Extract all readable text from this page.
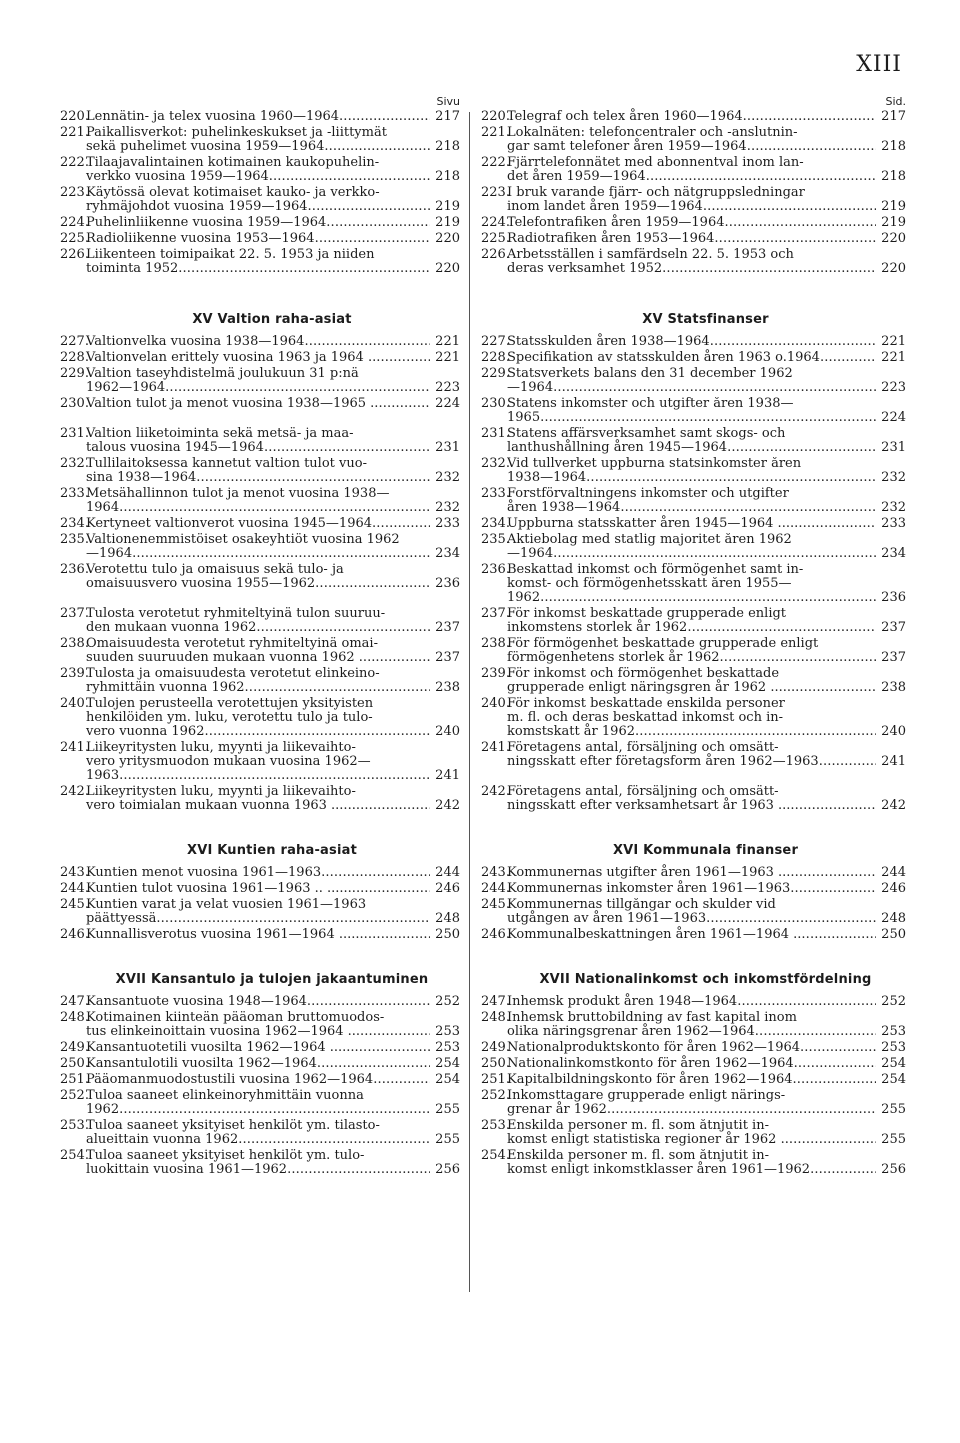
XIII
Sivu
220.
Lennätin- ja telex vuosina 1960—1964 . . .	217
221.
Paikallisverkot: puhelinkeskukset ja -liittymät
sekä puhelimet vuosina 1959—1964 . . .	218
222.
Tilaajavalintainen kotimainen kaukopuhelin-
verkko vuosina 1959—1964 . . .	218
223.
Käytössä olevat kotimaiset kauko- ja verkko-
ryhmäjohdot vuosina 1959—1964 . . .	219
224.
Puhelinliikenne vuosina 1959—1964 . . .	219
225.
Radioliikenne vuosina 1953—1964 . . .	220
226.
Liikenteen toimipaikat 22. 5. 1953 ja niiden
toiminta 1952 . . .	220
XV Valtion raha-asiat
227.
Valtionvelka vuosina 1938—1964 . . .	221
228.
Valtionvelan erittely vuosina 1963 ja 1964 .. . . .	221
229.
Valtion taseyhdistelmä joulukuun 31 p:nä
1962—1964 . . .	223
230.
Valtion tulot ja menot vuosina 1938—1965 .. . . .	224
231.
Valtion liiketoiminta sekä metsä- ja maa-
talous vuosina 1945—1964 . . .	231
232.
Tullilaitoksessa kannetut valtion tulot vuo-
sina 1938—1964 . . .	232
233.
Metsähallinnon tulot ja menot vuosina 1938—
1964 . . .	232
234.
Kertyneet valtionverot vuosina 1945—1964 . . .	233
235.
Valtionenemmistöiset osakeyhtiöt vuosina 1962
—1964 . . .	234
236.
Verotettu tulo ja omaisuus sekä tulo- ja
omaisuusvero vuosina 1955—1962 . . .	236
237.
Tulosta verotetut ryhmiteltyinä tulon suuruu-
den mukaan vuonna 1962 . . .	237
238.
Omaisuudesta verotetut ryhmiteltyinä omai-
suuden suuruuden mukaan vuonna 1962 .... . . .	237
239.
Tulosta ja omaisuudesta verotetut elinkeino-
ryhmittäin vuonna 1962 . . .	238
240.
Tulojen perusteella verotettujen yksityisten
henkilöiden ym. luku, verotettu tulo ja tulo-
vero vuonna 1962 . . .	240
241.
Liikeyritysten luku, myynti ja liikevaihto-
vero yritysmuodon mukaan vuosina 1962—
1963 . . .	241
242.
Liikeyritysten luku, myynti ja liikevaihto-
vero toimialan mukaan vuonna 1963 ...... . . .	242
XVI Kuntien raha-asiat
243.
Kuntien menot vuosina 1961—1963 . . .	244
244.
Kuntien tulot vuosina 1961—1963 .. ........ . . .	246
245.
Kuntien varat ja velat vuosien 1961—1963
päättyessä . . .	248
246.
Kunnallisverotus vuosina 1961—1964 ...... . . .	250
XVII Kansantulo ja tulojen jakaantuminen
247.
Kansantuote vuosina 1948—1964 . . .	252
248.
Kotimainen kiinteän pääoman bruttomuodos-
tus elinkeinoittain vuosina 1962—1964 .... . . .	253
249.
Kansantuotetili vuosilta 1962—1964 ...... . . .	253
250.
Kansantulotili vuosilta 1962—1964 . . .	254
251.
Pääomanmuodostustili vuosina 1962—1964 . . .	254
252.
Tuloa saaneet elinkeinoryhmittäin vuonna
1962 . . .	255
253.
Tuloa saaneet yksityiset henkilöt ym. tilasto-
alueittain vuonna 1962 . . .	255
254.
Tuloa saaneet yksityiset henkilöt ym. tulo-
luokittain vuosina 1961—1962 . . .	256
Sid.
220.
Telegraf och telex åren 1960—1964 . . .	217
221.
Lokalnäten: telefoncentraler och -anslutnin-
gar samt telefoner åren 1959—1964 . . .	218
222.
Fjärrtelefonnätet med abonnentval inom lan-
det åren 1959—1964 . . .	218
223.
I bruk varande fjärr- och nätgruppsledningar
inom landet åren 1959—1964 . . .	219
224.
Telefontrafiken åren 1959—1964 . . .	219
225.
Radiotrafiken åren 1953—1964 . . .	220
226.
Arbetsställen i samfärdseln 22. 5. 1953 och
deras verksamhet 1952 . . .	220
XV Statsfinanser
227.
Statsskulden åren 1938—1964 . . .	221
228.
Specifikation av statsskulden åren 1963 o.1964 . . .	221
229.
Statsverkets balans den 31 december 1962
—1964 . . .	223
230.
Statens inkomster och utgifter åren 1938—
1965 . . .	224
231.
Statens affärsverksamhet samt skogs- och
lanthushållning åren 1945—1964 . . .	231
232.
Vid tullverket uppburna statsinkomster åren
1938—1964 . . .	232
233.
Forstförvaltningens inkomster och utgifter
åren 1938—1964 . . .	232
234.
Uppburna statsskatter åren 1945—1964 .... . . .	233
235.
Aktiebolag med statlig majoritet åren 1962
—1964 . . .	234
236.
Beskattad inkomst och förmögenhet samt in-
komst- och förmögenhetsskatt åren 1955—
1962 . . .	236
237.
För inkomst beskattade grupperade enligt
inkomstens storlek år 1962 . . .	237
238.
För förmögenhet beskattade grupperade enligt
förmögenhetens storlek år 1962 . . .	237
239.
För inkomst och förmögenhet beskattade
grupperade enligt näringsgren år 1962 ...... . . .	238
240.
För inkomst beskattade enskilda personer
m. fl. och deras beskattad inkomst och in-
komstskatt år 1962 . . .	240
241.
Företagens antal, försäljning och omsätt-
ningsskatt efter företagsform åren 1962—1963 . . .	241
242.
Företagens antal, försäljning och omsätt-
ningsskatt efter verksamhetsart år 1963 .... . . .	242
XVI Kommunala finanser
243.
Kommunernas utgifter åren 1961—1963 .... . . .	244
244.
Kommunernas inkomster åren 1961—1963 . . .	246
245.
Kommunernas tillgångar och skulder vid
utgången av åren 1961—1963 . . .	248
246.
Kommunalbeskattningen åren 1961—1964 .. . . .	250
XVII Nationalinkomst och inkomstfördelning
247.
Inhemsk produkt åren 1948—1964 . . .	252
248.
Inhemsk bruttobildning av fast kapital inom
olika näringsgrenar åren 1962—1964 . . .	253
249.
Nationalproduktskonto för åren 1962—1964 . . .	253
250.
Nationalinkomstkonto för åren 1962—1964 . . .	254
251.
Kapitalbildningskonto för åren 1962—1964 . . .	254
252.
Inkomsttagare grupperade enligt närings-
grenar år 1962 . . .	255
253.
Enskilda personer m. fl. som åtnjutit in-
komst enligt statistiska regioner år 1962 .. . . .	255
254.
Enskilda personer m. fl. som åtnjutit in-
komst enligt inkomstklasser åren 1961—1962 . . .	256
